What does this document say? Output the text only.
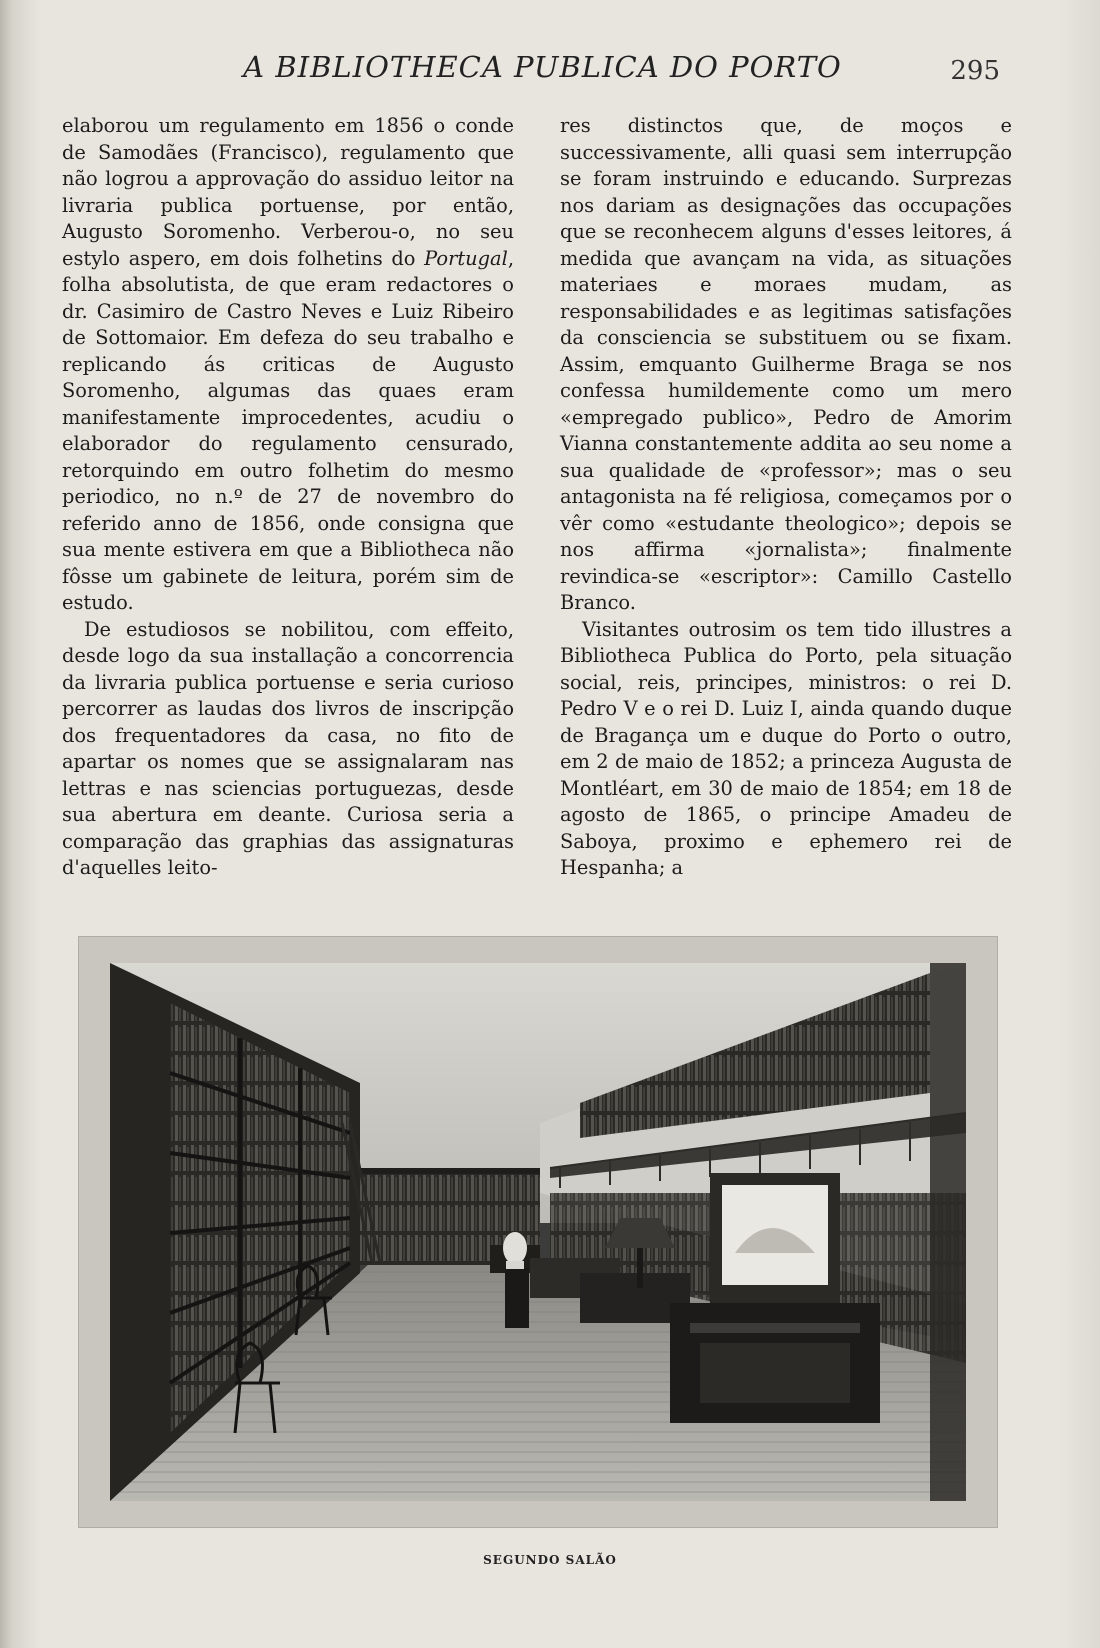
A BIBLIOTHECA PUBLICA DO PORTO	295

elaborou um regulamento em 1856 o conde de Samodães (Francisco), regulamento que não logrou a approvação do assiduo leitor na livraria publica portuense, por então, Augusto Soromenho. Verberou-o, no seu estylo aspero, em dois folhetins do Portugal, folha absolutista, de que eram redactores o dr. Casimiro de Castro Neves e Luiz Ribeiro de Sottomaior. Em defeza do seu trabalho e replicando ás criticas de Augusto Soromenho, algumas das quaes eram manifestamente improcedentes, acudiu o elaborador do regulamento censurado, retorquindo em outro folhetim do mesmo periodico, no n.º de 27 de novembro do referido anno de 1856, onde consigna que sua mente estivera em que a Bibliotheca não fôsse um gabinete de leitura, porém sim de estudo.

De estudiosos se nobilitou, com effeito, desde logo da sua installação a concorrencia da livraria publica portuense e seria curioso percorrer as laudas dos livros de inscripção dos frequentadores da casa, no fito de apartar os nomes que se assignalaram nas lettras e nas sciencias portuguezas, desde sua abertura em deante. Curiosa seria a comparação das graphias das assignaturas d'aquelles leito-

res distinctos que, de moços e successivamente, alli quasi sem interrupção se foram instruindo e educando. Surprezas nos dariam as designações das occupações que se reconhecem alguns d'esses leitores, á medida que avançam na vida, as situações materiaes e moraes mudam, as responsabilidades e as legitimas satisfações da consciencia se substituem ou se fixam. Assim, emquanto Guilherme Braga se nos confessa humildemente como um mero «empregado publico», Pedro de Amorim Vianna constantemente addita ao seu nome a sua qualidade de «professor»; mas o seu antagonista na fé religiosa, começamos por o vêr como «estudante theologico»; depois se nos affirma «jornalista»; finalmente revindica-se «escriptor»: Camillo Castello Branco.

Visitantes outrosim os tem tido illustres a Bibliotheca Publica do Porto, pela situação social, reis, principes, ministros: o rei D. Pedro V e o rei D. Luiz I, ainda quando duque de Bragança um e duque do Porto o outro, em 2 de maio de 1852; a princeza Augusta de Montléart, em 30 de maio de 1854; em 18 de agosto de 1865, o principe Amadeu de Saboya, proximo e ephemero rei de Hespanha; a

SEGUNDO SALÃO
